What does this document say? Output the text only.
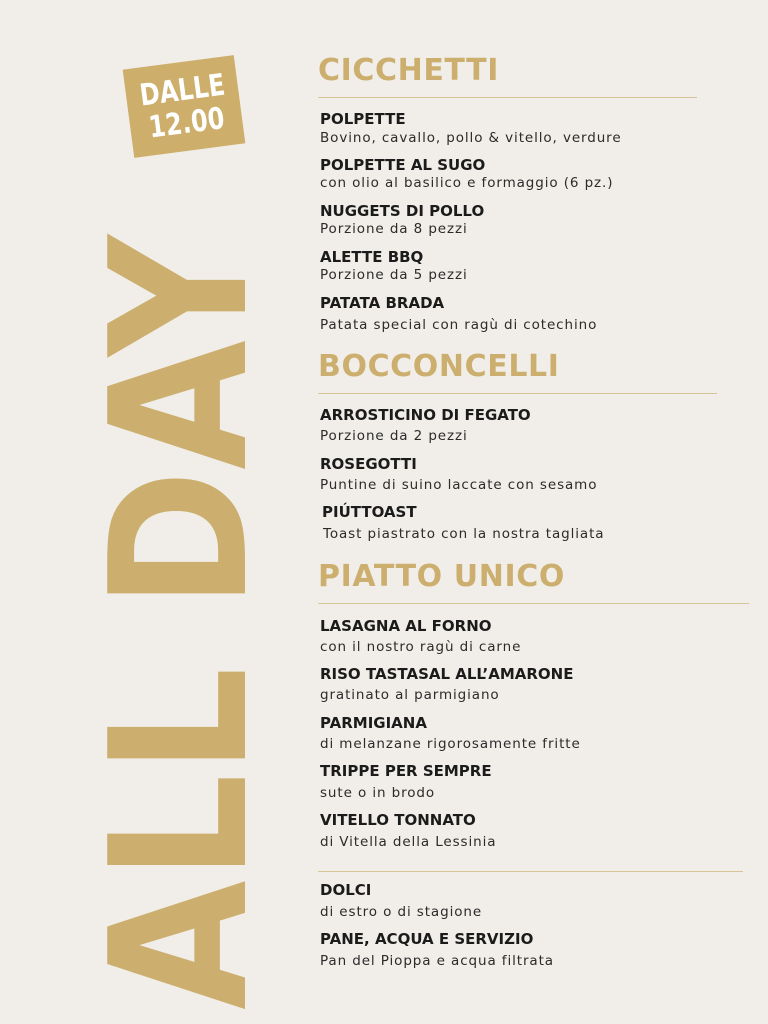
ALL DAY
DALLE
12.00
CICCHETTI
POLPETTE
Bovino, cavallo, pollo & vitello, verdure
POLPETTE AL SUGO
con olio al basilico e formaggio (6 pz.)
NUGGETS DI POLLO
Porzione da 8 pezzi
ALETTE BBQ
Porzione da 5 pezzi
PATATA BRADA
Patata special con ragù di cotechino
BOCCONCELLI
ARROSTICINO DI FEGATO
Porzione da 2 pezzi
ROSEGOTTI
Puntine di suino laccate con sesamo
PIÚTTOAST
Toast piastrato con la nostra tagliata
PIATTO UNICO
LASAGNA AL FORNO
con il nostro ragù di carne
RISO TASTASAL ALL’AMARONE
gratinato al parmigiano
PARMIGIANA
di melanzane rigorosamente fritte
TRIPPE PER SEMPRE
sute o in brodo
VITELLO TONNATO
di Vitella della Lessinia
DOLCI
di estro o di stagione
PANE, ACQUA E SERVIZIO
Pan del Pioppa e acqua filtrata
